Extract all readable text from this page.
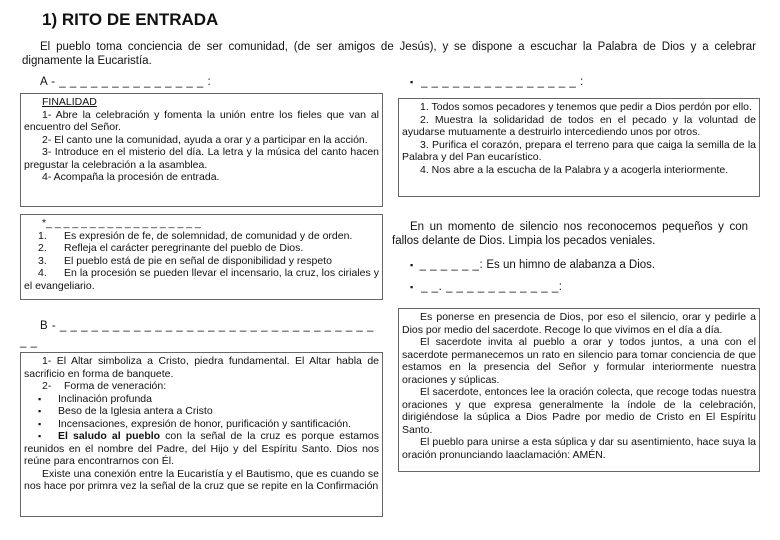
1) RITO DE ENTRADA
El pueblo toma conciencia de ser comunidad, (de ser amigos de Jesús), y se dispone a escuchar la Palabra de Dios y a celebrar dignamente la Eucaristía.
A - _ _ _ _ _ _ _ _ _ _ _ _ _ _ :

FINALIDAD

1- Abre la celebración y fomenta la unión entre los fieles que van al encuentro del Señor.

2- El canto une la comunidad, ayuda a orar y a participar en la acción.

3- Introduce en el misterio del día. La letra y la música del canto hacen pregustar la celebración a la asamblea.

4- Acompaña la procesión de entrada.

*_ _ _ _ _ _ _ _ _ _ _ _ _ _ _ _ _ _

1. Es expresión de fe, de solemnidad, de comunidad y de orden.

2. Refleja el carácter peregrinante del pueblo de Dios.

3. El pueblo está de pie en señal de disponibilidad y respeto

4. En la procesión se pueden llevar el incensario, la cruz, los ciriales y el evangeliario.

B - _ _ _ _ _ _ _ _ _ _ _ _ _ _ _ _ _ _ _ _ _ _ _ _ _ _ _ _ _ _ _ _

1- El Altar simboliza a Cristo, piedra fundamental. El Altar habla de sacrificio en forma de banquete.

2- Forma de veneración:

▪ Inclinación profunda

▪ Beso de la Iglesia antera a Cristo

▪ Incensaciones, expresión de honor, purificación y santificación.

▪ El saludo al pueblo con la señal de la cruz es porque estamos reunidos en el nombre del Padre, del Hijo y del Espíritu Santo. Dios nos reúne para encontrarnos con Él.

Existe una conexión entre la Eucaristía y el Bautismo, que es cuando se nos hace por primra vez la señal de la cruz que se repite en la Confirmación

▪ _ _ _ _ _ _ _ _ _ _ _ _ _ _ _ :

1. Todos somos pecadores y tenemos que pedir a Dios perdón por ello.

2. Muestra la solidaridad de todos en el pecado y la voluntad de ayudarse mutuamente a destruirlo intercediendo unos por otros.

3. Purifica el corazón, prepara el terreno para que caiga la semilla de la Palabra y del Pan eucarístico.

4. Nos abre a la escucha de la Palabra y a acogerla interiormente.

En un momento de silencio nos reconocemos pequeños y con fallos delante de Dios. Limpia los pecados veniales.
▪ _ _ _ _ _ _: Es un himno de alabanza a Dios.
▪ _ _. _ _ _ _ _ _ _ _ _ _ _:

Es ponerse en presencia de Dios, por eso el silencio, orar y pedirle a Dios por medio del sacerdote. Recoge lo que vivimos en el día a día.

El sacerdote invita al pueblo a orar y todos juntos, a una con el sacerdote permanecemos un rato en silencio para tomar conciencia de que estamos en la presencia del Señor y formular interiormente nuestra oraciones y súplicas.

El sacerdote, entonces lee la oración colecta, que recoge todas nuestra oraciones y que expresa generalmente la índole de la celebración, dirigiéndose la súplica a Dios Padre por medio de Cristo en El Espíritu Santo.

El pueblo para unirse a esta súplica y dar su asentimiento, hace suya la oración pronunciando laaclamación: AMÉN.
